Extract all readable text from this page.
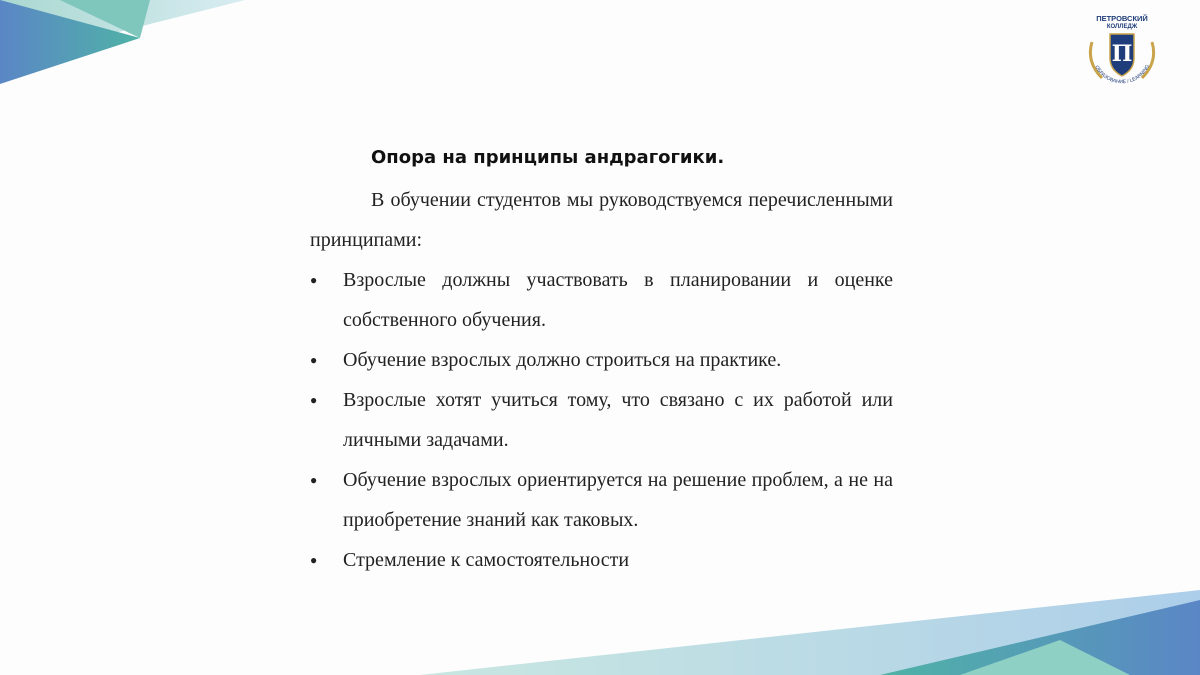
ПЕТРОВСКИЙ
КОЛЛЕДЖ
П
ОБРАЗОВАНИЕ / LEARNING
Опора на принципы андрагогики.

В обучении студентов мы руководствуемся перечисленными принципами:

● Взрослые должны участвовать в планировании и оценке собственного обучения.
● Обучение взрослых должно строиться на практике.
● Взрослые хотят учиться тому, что связано с их работой или личными задачами.
● Обучение взрослых ориентируется на решение проблем, а не на приобретение знаний как таковых.
● Стремление к самостоятельности
